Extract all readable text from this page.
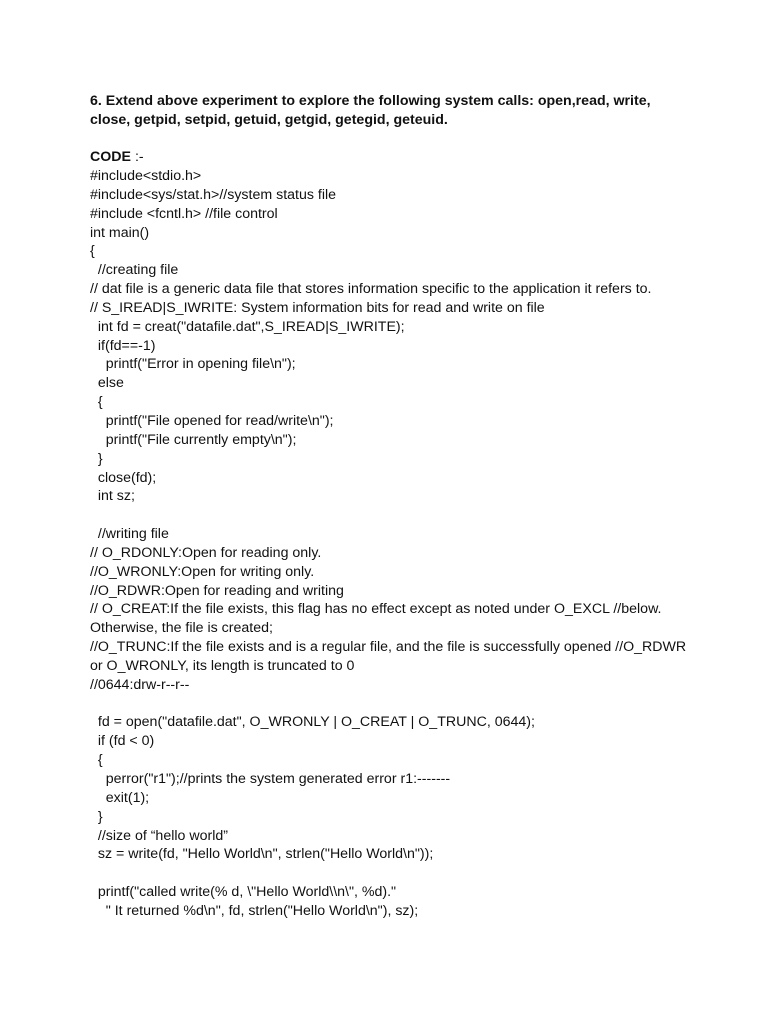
6. Extend above experiment to explore the following system calls: open,read, write, close, getpid, setpid, getuid, getgid, getegid, geteuid.

CODE :-

#include<stdio.h>
#include<sys/stat.h>//system status file
#include <fcntl.h> //file control
int main()
{
//creating file
// dat file is a generic data file that stores information specific to the application it refers to.
// S_IREAD|S_IWRITE: System information bits for read and write on file
int fd = creat("datafile.dat",S_IREAD|S_IWRITE);
if(fd==-1)
printf("Error in opening file\n");
else
{
printf("File opened for read/write\n");
printf("File currently empty\n");
}
close(fd);
int sz;
//writing file
// O_RDONLY:Open for reading only.
//O_WRONLY:Open for writing only.
//O_RDWR:Open for reading and writing
// O_CREAT:If the file exists, this flag has no effect except as noted under O_EXCL //below.
Otherwise, the file is created;
//O_TRUNC:If the file exists and is a regular file, and the file is successfully opened //O_RDWR
or O_WRONLY, its length is truncated to 0
//0644:drw-r--r--
fd = open("datafile.dat", O_WRONLY | O_CREAT | O_TRUNC, 0644);
if (fd < 0)
{
perror("r1");//prints the system generated error r1:-------
exit(1);
}
//size of “hello world”
sz = write(fd, "Hello World\n", strlen("Hello World\n"));
printf("called write(% d, \"Hello World\\n\", %d)."
" It returned %d\n", fd, strlen("Hello World\n"), sz);
